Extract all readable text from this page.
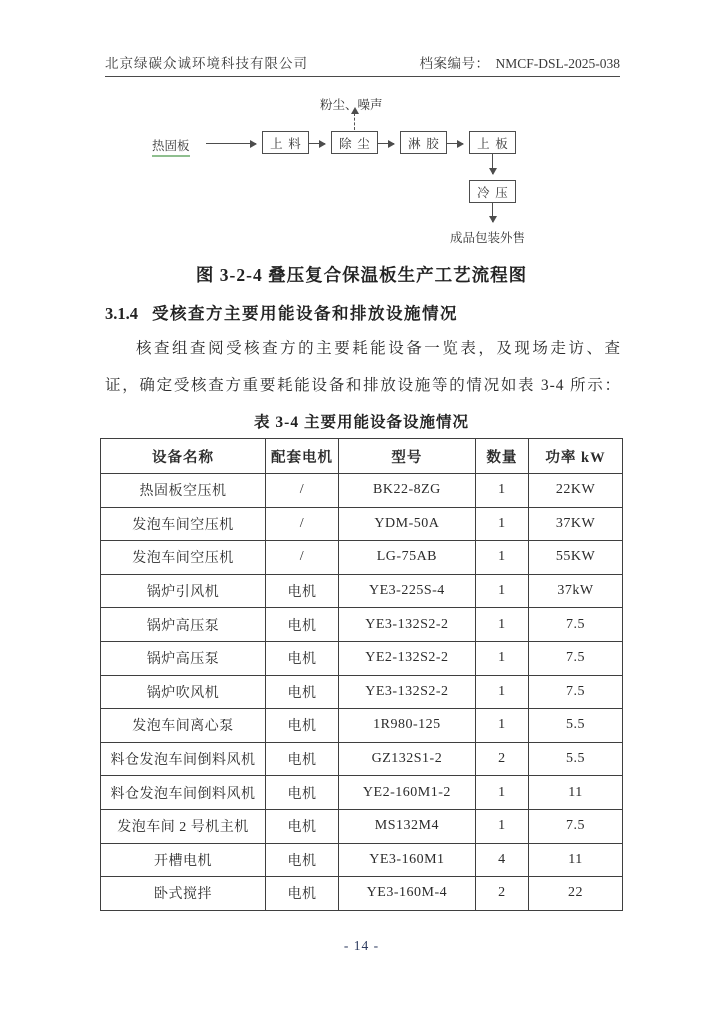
北京绿碳众诚环境科技有限公司	档案编号： NMCF-DSL-2025-038
热固板
粉尘、噪声
上料	除尘	淋胶	上板
冷压
成品包装外售
图 3-2-4 叠压复合保温板生产工艺流程图
3.1.4 受核查方主要用能设备和排放设施情况
核查组查阅受核查方的主要耗能设备一览表，及现场走访、查
证，确定受核查方重要耗能设备和排放设施等的情况如表 3-4 所示：
表 3-4 主要用能设备设施情况
设备名称	配套电机	型号	数量	功率 kW
热固板空压机	/	BK22-8ZG	1	22KW
发泡车间空压机	/	YDM-50A	1	37KW
发泡车间空压机	/	LG-75AB	1	55KW
锅炉引风机	电机	YE3-225S-4	1	37kW
锅炉高压泵	电机	YE3-132S2-2	1	7.5
锅炉高压泵	电机	YE2-132S2-2	1	7.5
锅炉吹风机	电机	YE3-132S2-2	1	7.5
发泡车间离心泵	电机	1R980-125	1	5.5
料仓发泡车间倒料风机	电机	GZ132S1-2	2	5.5
料仓发泡车间倒料风机	电机	YE2-160M1-2	1	11
发泡车间 2 号机主机	电机	MS132M4	1	7.5
开槽电机	电机	YE3-160M1	4	11
卧式搅拌	电机	YE3-160M-4	2	22
- 14 -
